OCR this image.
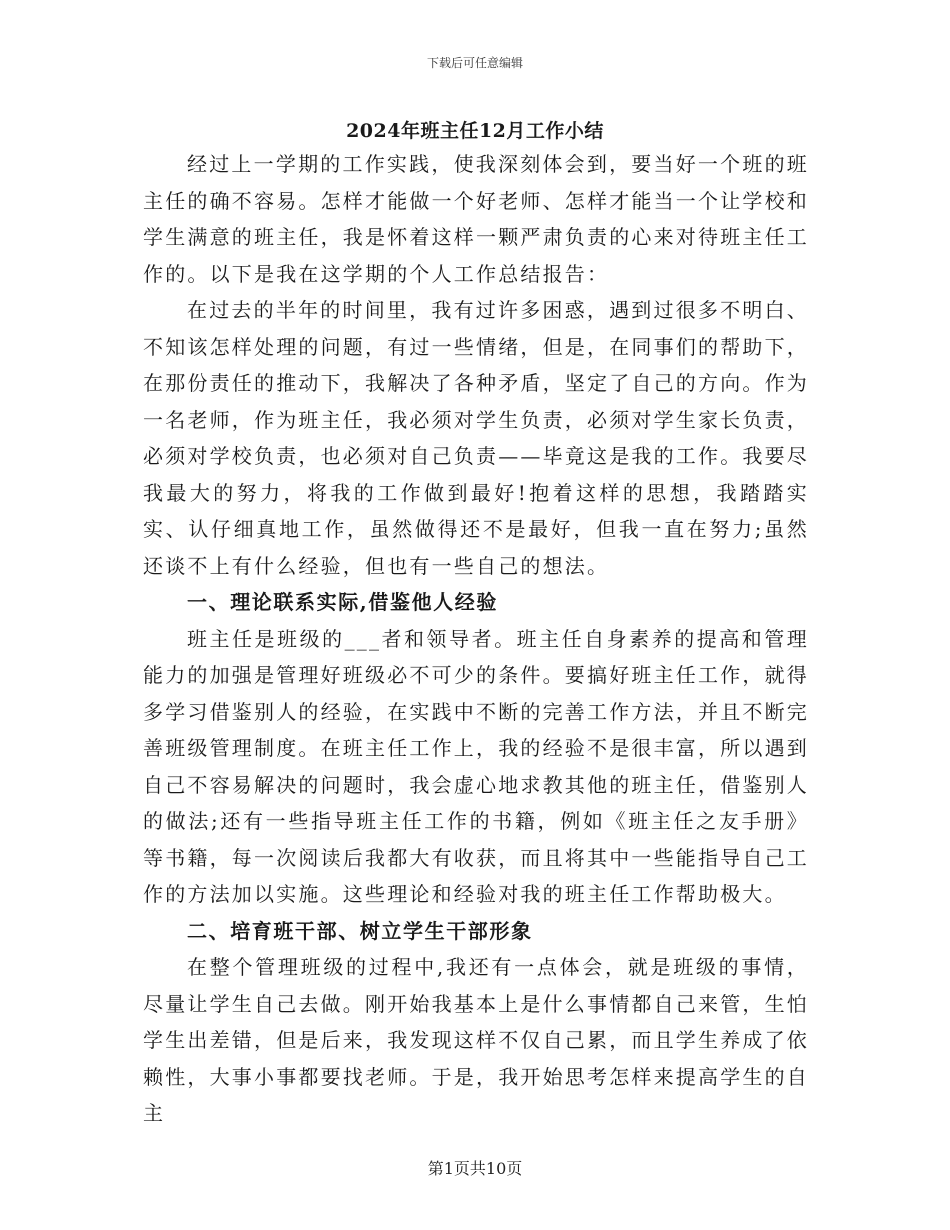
下载后可任意编辑
2024年班主任12月工作小结

经过上一学期的工作实践，使我深刻体会到，要当好一个班的班主任的确不容易。怎样才能做一个好老师、怎样才能当一个让学校和学生满意的班主任，我是怀着这样一颗严肃负责的心来对待班主任工作的。以下是我在这学期的个人工作总结报告：

在过去的半年的时间里，我有过许多困惑，遇到过很多不明白、不知该怎样处理的问题，有过一些情绪，但是，在同事们的帮助下，在那份责任的推动下，我解决了各种矛盾，坚定了自己的方向。作为一名老师，作为班主任，我必须对学生负责，必须对学生家长负责，必须对学校负责，也必须对自己负责——毕竟这是我的工作。我要尽我最大的努力，将我的工作做到最好!抱着这样的思想，我踏踏实实、认仔细真地工作，虽然做得还不是最好，但我一直在努力;虽然还谈不上有什么经验，但也有一些自己的想法。

一、理论联系实际,借鉴他人经验

班主任是班级的___者和领导者。班主任自身素养的提高和管理能力的加强是管理好班级必不可少的条件。要搞好班主任工作，就得多学习借鉴别人的经验，在实践中不断的完善工作方法，并且不断完善班级管理制度。在班主任工作上，我的经验不是很丰富，所以遇到自己不容易解决的问题时，我会虚心地求教其他的班主任，借鉴别人的做法;还有一些指导班主任工作的书籍，例如《班主任之友手册》等书籍，每一次阅读后我都大有收获，而且将其中一些能指导自己工作的方法加以实施。这些理论和经验对我的班主任工作帮助极大。

二、培育班干部、树立学生干部形象

在整个管理班级的过程中,我还有一点体会，就是班级的事情，尽量让学生自己去做。刚开始我基本上是什么事情都自己来管，生怕学生出差错，但是后来，我发现这样不仅自己累，而且学生养成了依赖性，大事小事都要找老师。于是，我开始思考怎样来提高学生的自主

第1页共10页
